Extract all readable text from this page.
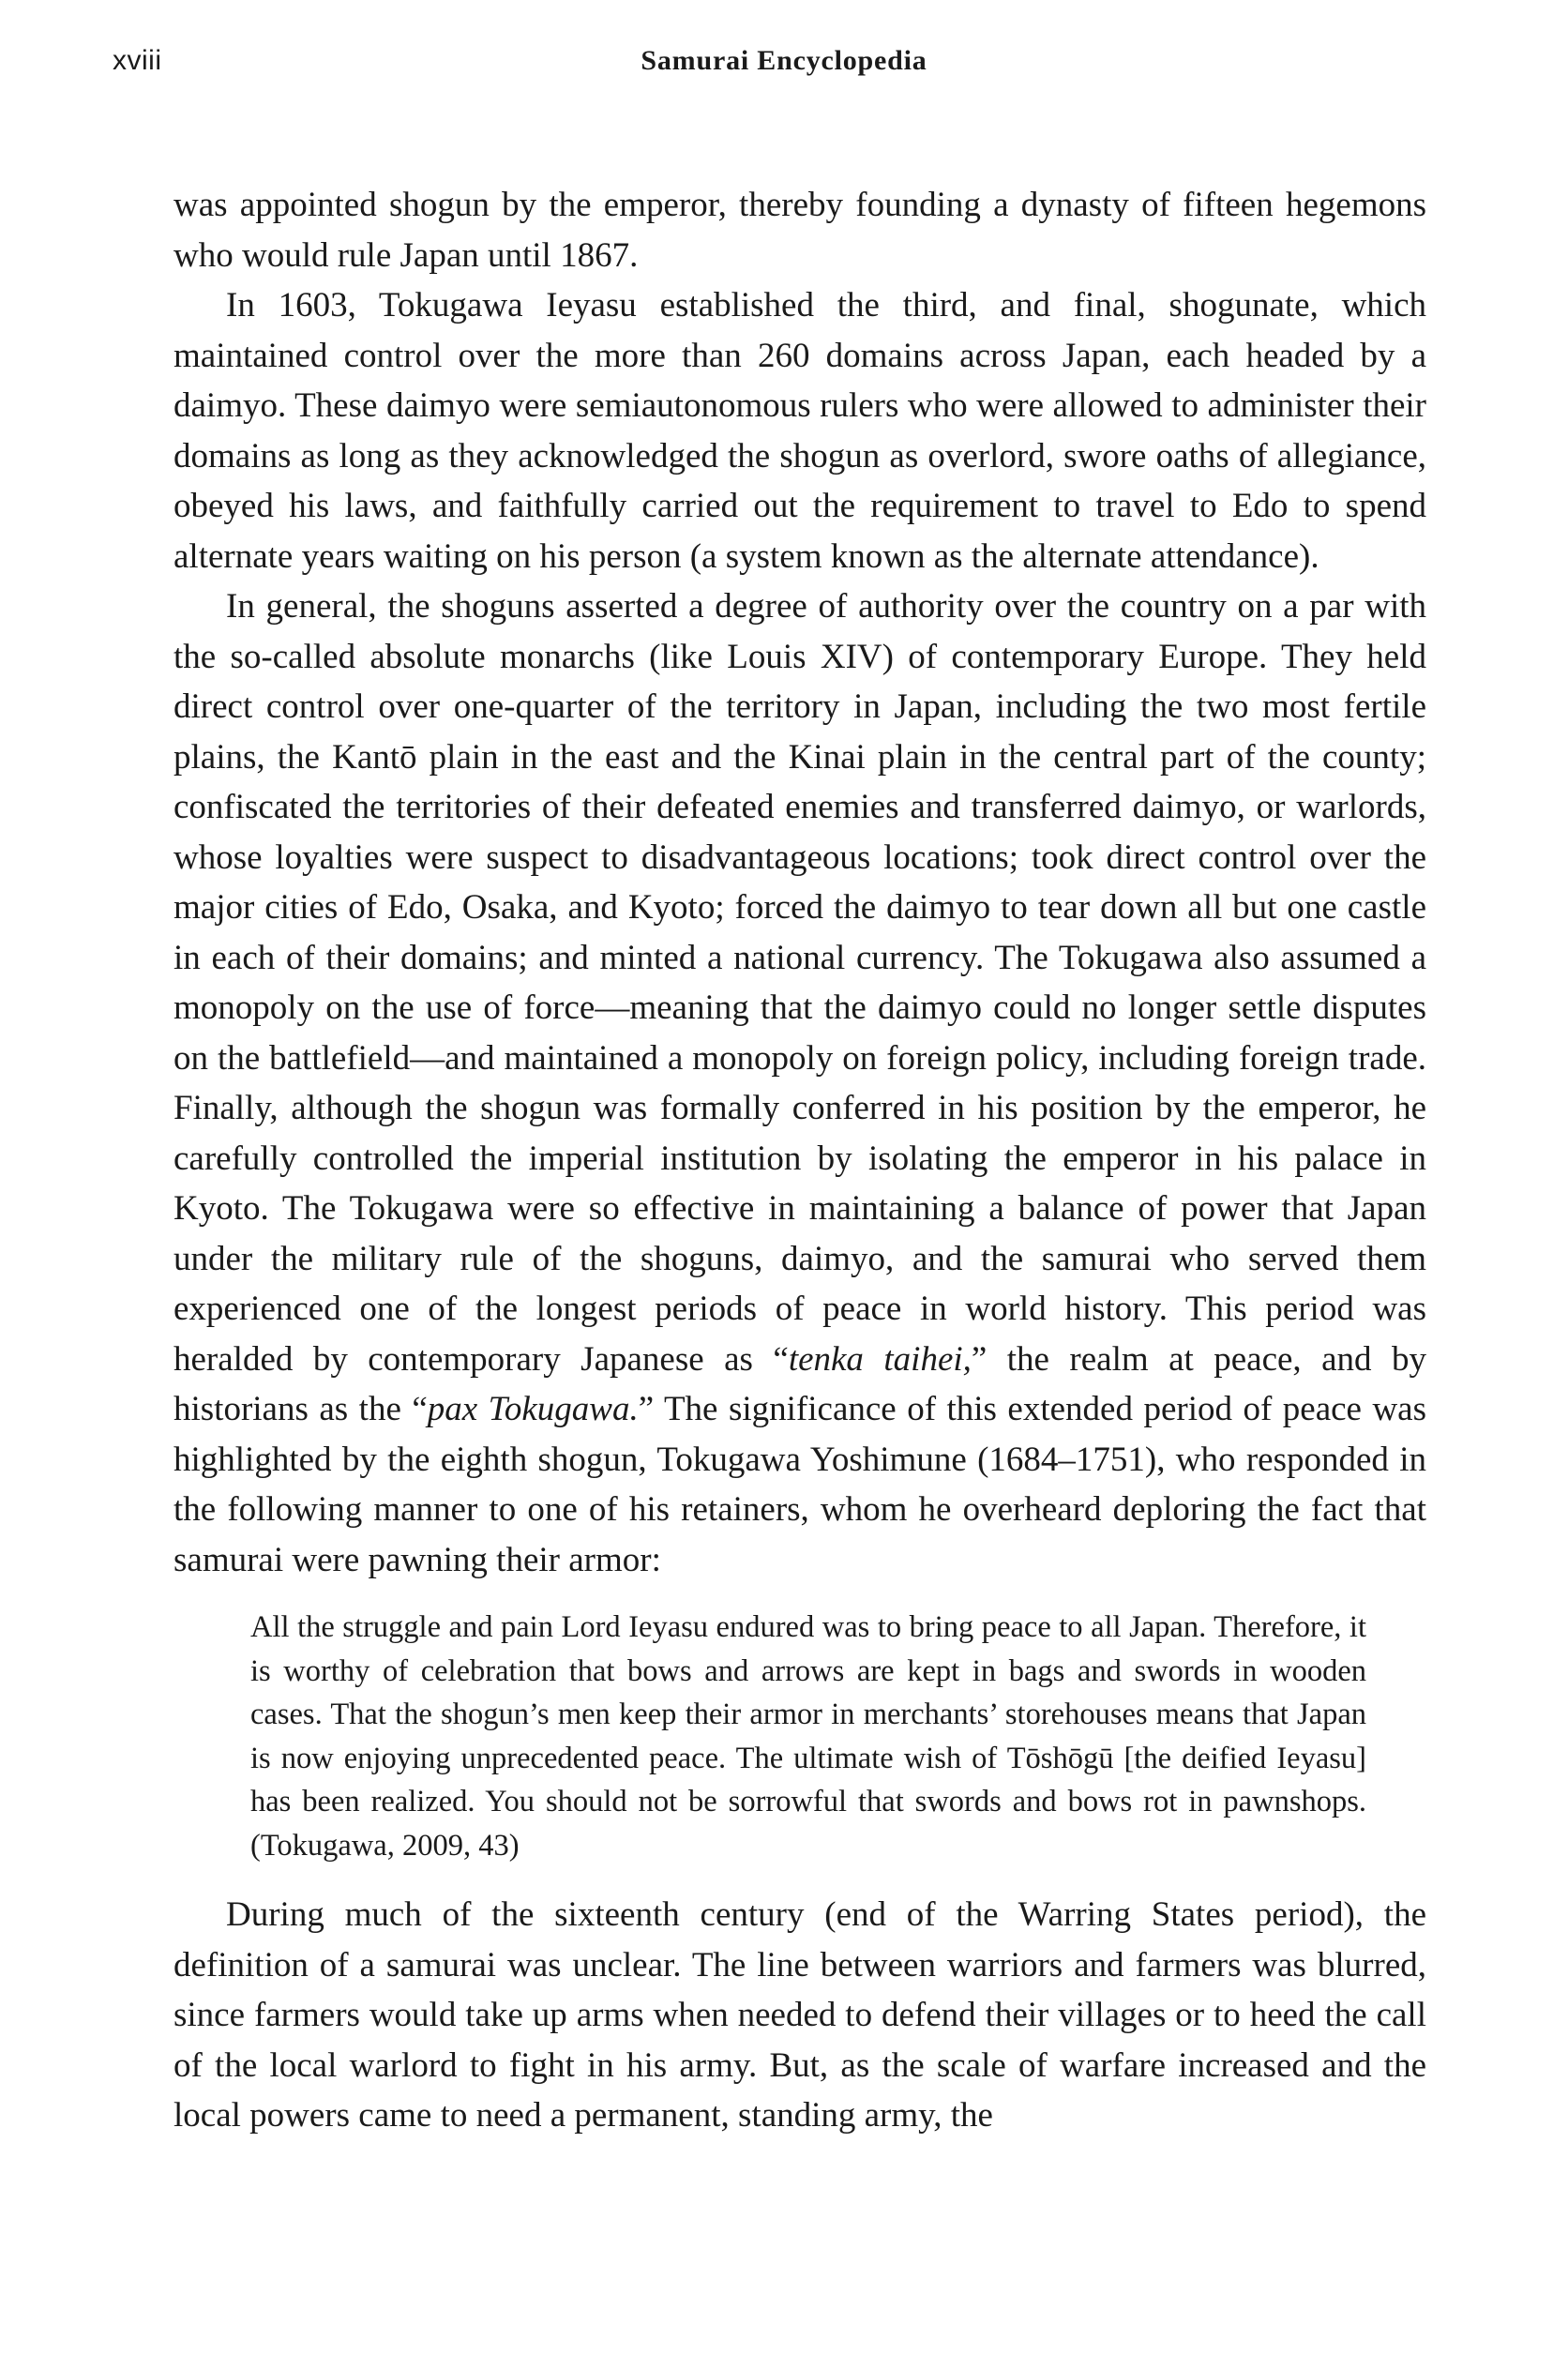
xviii	Samurai Encyclopedia

was appointed shogun by the emperor, thereby founding a dynasty of fifteen hegemons who would rule Japan until 1867.

In 1603, Tokugawa Ieyasu established the third, and final, shogunate, which maintained control over the more than 260 domains across Japan, each headed by a daimyo. These daimyo were semiautonomous rulers who were allowed to administer their domains as long as they acknowledged the shogun as overlord, swore oaths of allegiance, obeyed his laws, and faithfully carried out the requirement to travel to Edo to spend alternate years waiting on his person (a system known as the alternate attendance).

In general, the shoguns asserted a degree of authority over the country on a par with the so-called absolute monarchs (like Louis XIV) of contemporary Europe. They held direct control over one-quarter of the territory in Japan, including the two most fertile plains, the Kantō plain in the east and the Kinai plain in the central part of the county; confiscated the territories of their defeated enemies and transferred daimyo, or warlords, whose loyalties were suspect to disadvantageous locations; took direct control over the major cities of Edo, Osaka, and Kyoto; forced the daimyo to tear down all but one castle in each of their domains; and minted a national currency. The Tokugawa also assumed a monopoly on the use of force—meaning that the daimyo could no longer settle disputes on the battlefield—and maintained a monopoly on foreign policy, including foreign trade. Finally, although the shogun was formally conferred in his position by the emperor, he carefully controlled the imperial institution by isolating the emperor in his palace in Kyoto. The Tokugawa were so effective in maintaining a balance of power that Japan under the military rule of the shoguns, daimyo, and the samurai who served them experienced one of the longest periods of peace in world history. This period was heralded by contemporary Japanese as “tenka taihei,” the realm at peace, and by historians as the “pax Tokugawa.” The significance of this extended period of peace was highlighted by the eighth shogun, Tokugawa Yoshimune (1684–1751), who responded in the following manner to one of his retainers, whom he overheard deploring the fact that samurai were pawning their armor:

All the struggle and pain Lord Ieyasu endured was to bring peace to all Japan. Therefore, it is worthy of celebration that bows and arrows are kept in bags and swords in wooden cases. That the shogun’s men keep their armor in merchants’ storehouses means that Japan is now enjoying unprecedented peace. The ultimate wish of Tōshōgū [the deified Ieyasu] has been realized. You should not be sorrowful that swords and bows rot in pawnshops. (Tokugawa, 2009, 43)

During much of the sixteenth century (end of the Warring States period), the definition of a samurai was unclear. The line between warriors and farmers was blurred, since farmers would take up arms when needed to defend their villages or to heed the call of the local warlord to fight in his army. But, as the scale of warfare increased and the local powers came to need a permanent, standing army, the
